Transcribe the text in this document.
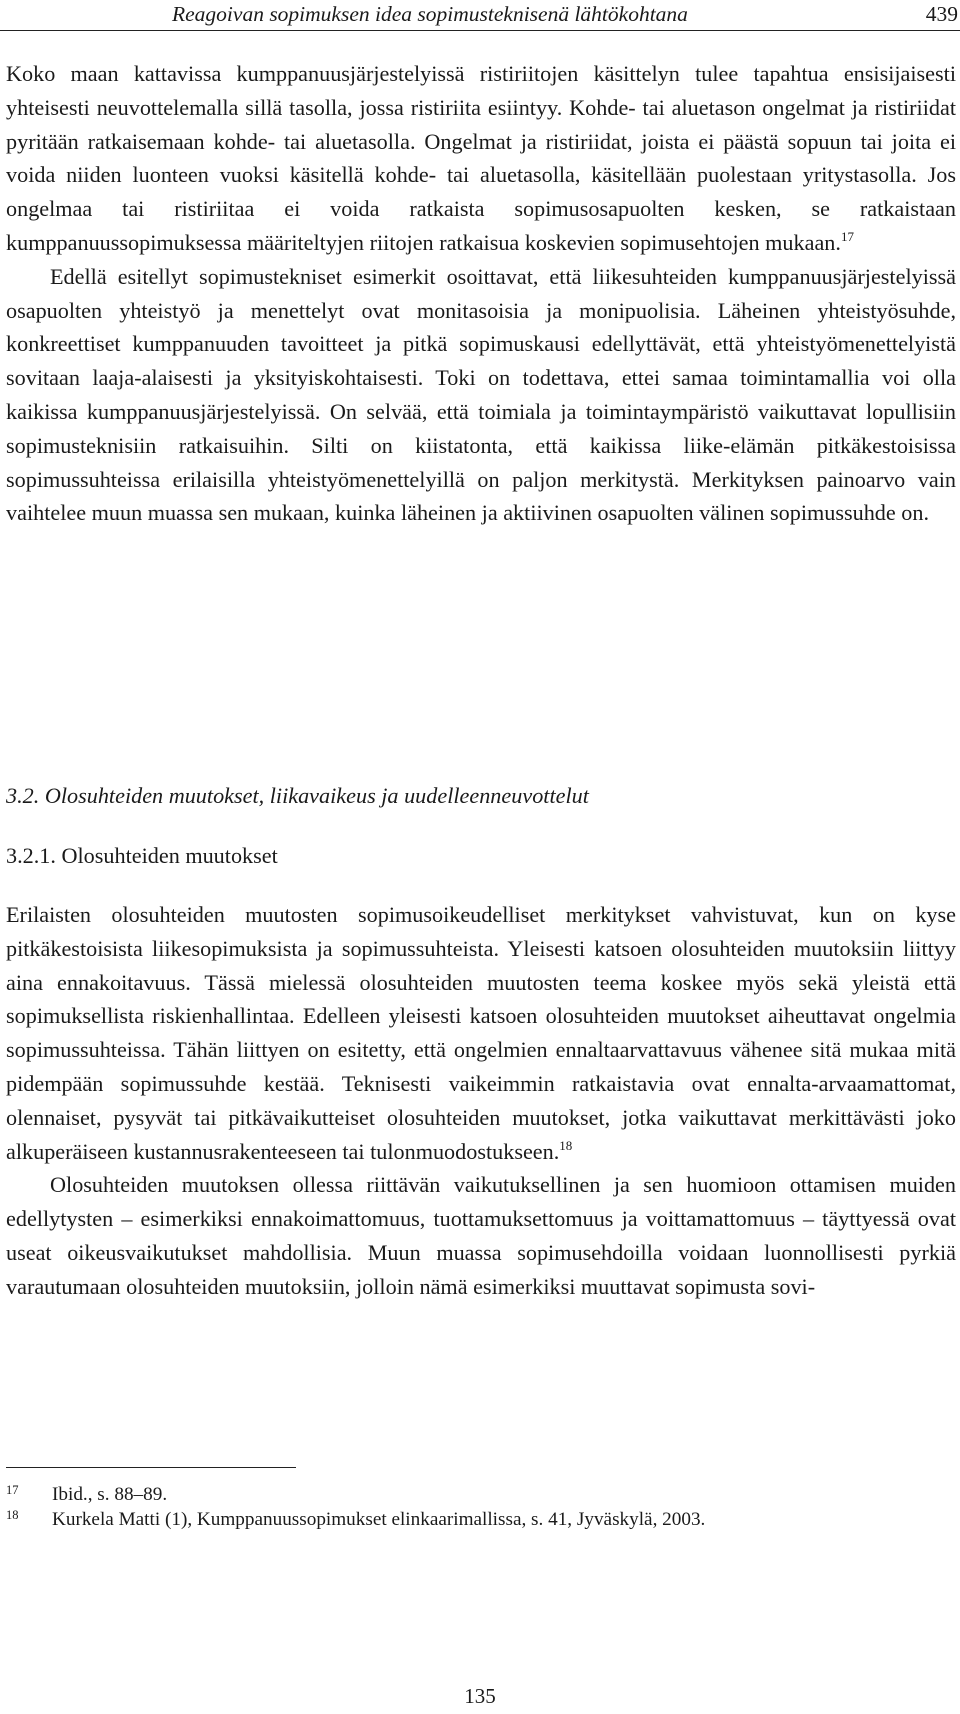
Reagoivan sopimuksen idea sopimusteknisenä lähtökohtana	439

Koko maan kattavissa kumppanuusjärjestelyissä ristiriitojen käsittelyn tulee tapahtua ensisijaisesti yhteisesti neuvottelemalla sillä tasolla, jossa ristiriita esiintyy. Kohde- tai aluetason ongelmat ja ristiriidat pyritään ratkaisemaan kohde- tai aluetasolla. Ongelmat ja ristiriidat, joista ei päästä sopuun tai joita ei voida niiden luonteen vuoksi käsitellä kohde- tai aluetasolla, käsitellään puolestaan yritystasolla. Jos ongelmaa tai ristiriitaa ei voida ratkaista sopimusosapuolten kesken, se ratkaistaan kumppanuussopimuksessa määriteltyjen riitojen ratkaisua koskevien sopimusehtojen mukaan.$^{17}$

Edellä esitellyt sopimustekniset esimerkit osoittavat, että liikesuhteiden kumppanuusjärjestelyissä osapuolten yhteistyö ja menettelyt ovat monitasoisia ja monipuolisia. Läheinen yhteistyösuhde, konkreettiset kumppanuuden tavoitteet ja pitkä sopimuskausi edellyttävät, että yhteistyömenettelyistä sovitaan laaja-alaisesti ja yksityiskohtaisesti. Toki on todettava, ettei samaa toimintamallia voi olla kaikissa kumppanuusjärjestelyissä. On selvää, että toimiala ja toimintaympäristö vaikuttavat lopullisiin sopimusteknisiin ratkaisuihin. Silti on kiistatonta, että kaikissa liike-elämän pitkäkestoisissa sopimussuhteissa erilaisilla yhteistyömenettelyillä on paljon merkitystä. Merkityksen painoarvo vain vaihtelee muun muassa sen mukaan, kuinka läheinen ja aktiivinen osapuolten välinen sopimussuhde on.

3.2. Olosuhteiden muutokset, liikavaikeus ja uudelleenneuvottelut
3.2.1. Olosuhteiden muutokset

Erilaisten olosuhteiden muutosten sopimusoikeudelliset merkitykset vahvistuvat, kun on kyse pitkäkestoisista liikesopimuksista ja sopimussuhteista. Yleisesti katsoen olosuhteiden muutoksiin liittyy aina ennakoitavuus. Tässä mielessä olosuhteiden muutosten teema koskee myös sekä yleistä että sopimuksellista riskienhallintaa. Edelleen yleisesti katsoen olosuhteiden muutokset aiheuttavat ongelmia sopimussuhteissa. Tähän liittyen on esitetty, että ongelmien ennaltaarvattavuus vähenee sitä mukaa mitä pidempään sopimussuhde kestää. Teknisesti vaikeimmin ratkaistavia ovat ennalta-arvaamattomat, olennaiset, pysyvät tai pitkävaikutteiset olosuhteiden muutokset, jotka vaikuttavat merkittävästi joko alkuperäiseen kustannusrakenteeseen tai tulonmuodostukseen.$^{18}$

Olosuhteiden muutoksen ollessa riittävän vaikutuksellinen ja sen huomioon ottamisen muiden edellytysten – esimerkiksi ennakoimattomuus, tuottamuksettomuus ja voittamattomuus – täyttyessä ovat useat oikeusvaikutukset mahdollisia. Muun muassa sopimusehdoilla voidaan luonnollisesti pyrkiä varautumaan olosuhteiden muutoksiin, jolloin nämä esimerkiksi muuttavat sopimusta sovi-

17 Ibid., s. 88–89.
18 Kurkela Matti (1), Kumppanuussopimukset elinkaarimallissa, s. 41, Jyväskylä, 2003.
135
